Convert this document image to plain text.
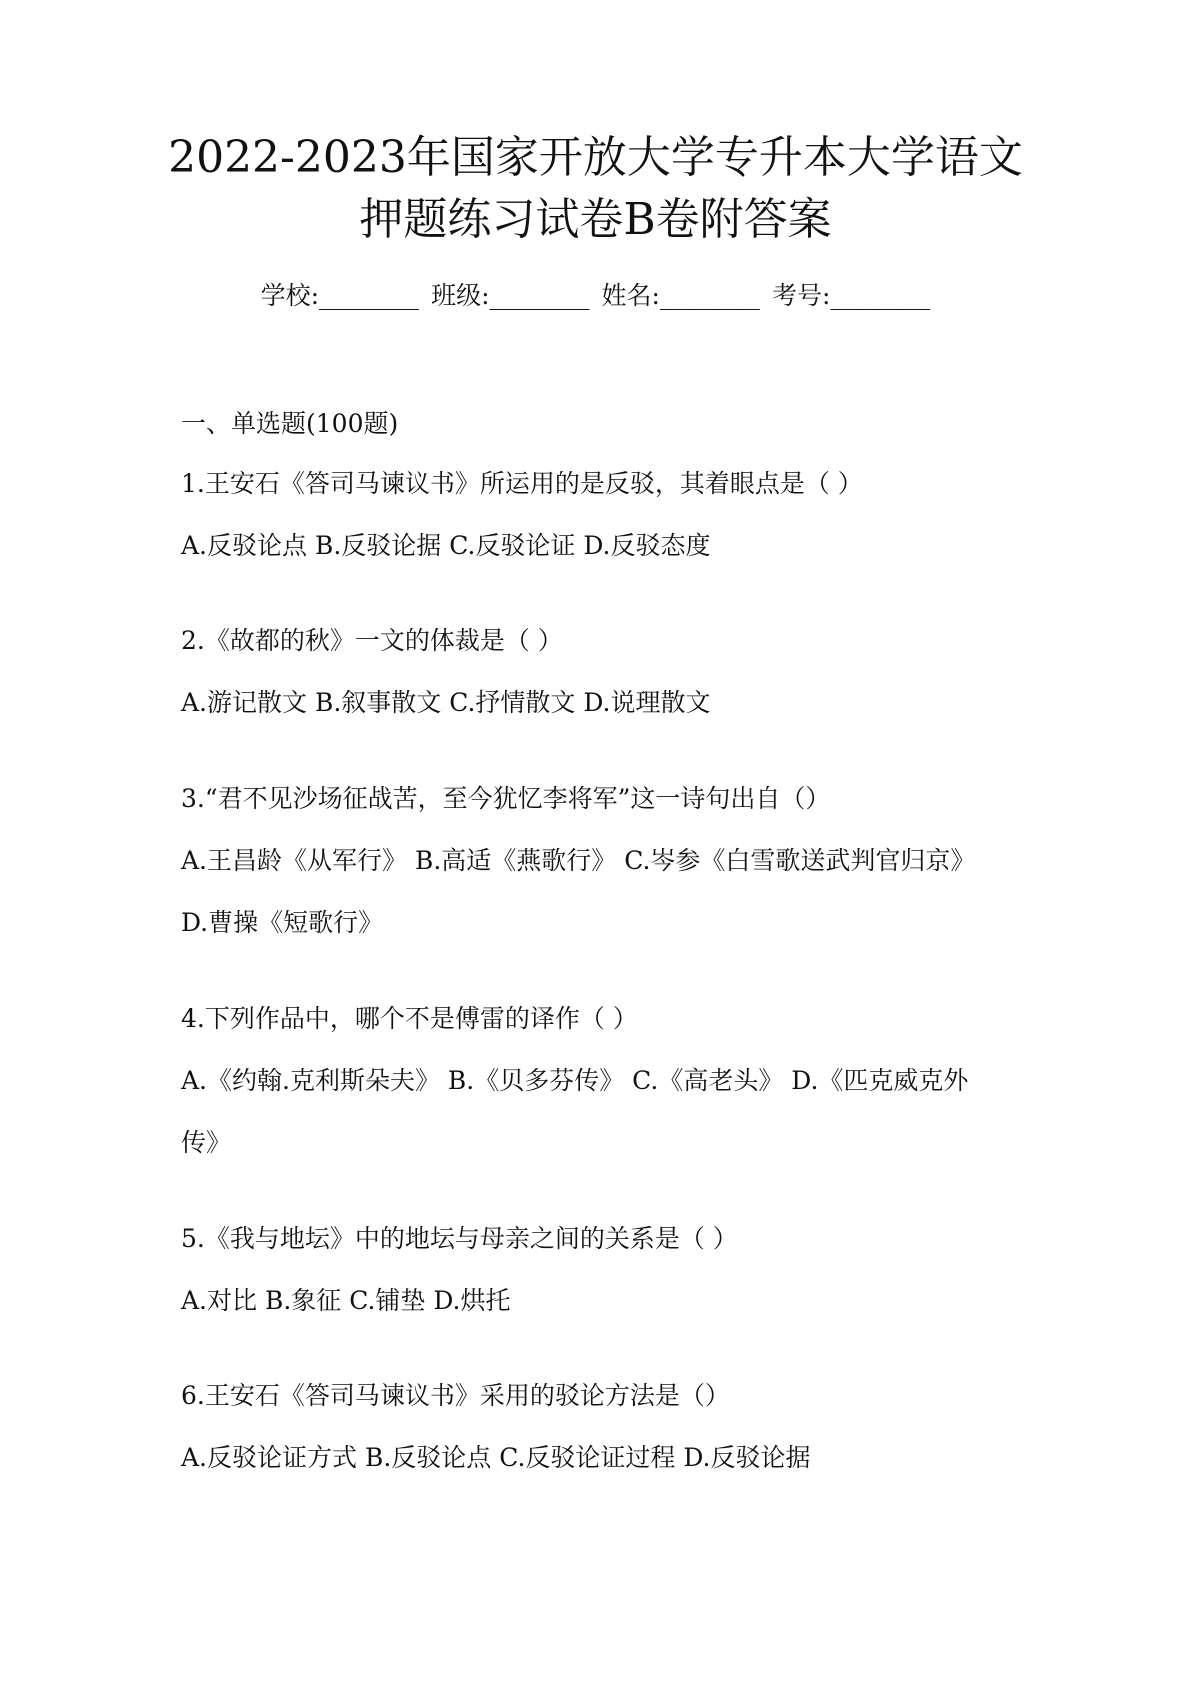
2022-2023年国家开放大学专升本大学语文
押题练习试卷B卷附答案
学校:________ 班级:________ 姓名:________ 考号:________
一、单选题(100题)
1.王安石《答司马谏议书》所运用的是反驳，其着眼点是（ ）
A.反驳论点 B.反驳论据 C.反驳论证 D.反驳态度
2.《故都的秋》一文的体裁是（ ）
A.游记散文 B.叙事散文 C.抒情散文 D.说理散文
3.“君不见沙场征战苦，至今犹忆李将军”这一诗句出自（）
A.王昌龄《从军行》 B.高适《燕歌行》 C.岑参《白雪歌送武判官归京》
D.曹操《短歌行》
4.下列作品中，哪个不是傅雷的译作（ ）
A.《约翰.克利斯朵夫》 B.《贝多芬传》 C.《高老头》 D.《匹克威克外
传》
5.《我与地坛》中的地坛与母亲之间的关系是（ ）
A.对比 B.象征 C.铺垫 D.烘托
6.王安石《答司马谏议书》采用的驳论方法是（）
A.反驳论证方式 B.反驳论点 C.反驳论证过程 D.反驳论据
